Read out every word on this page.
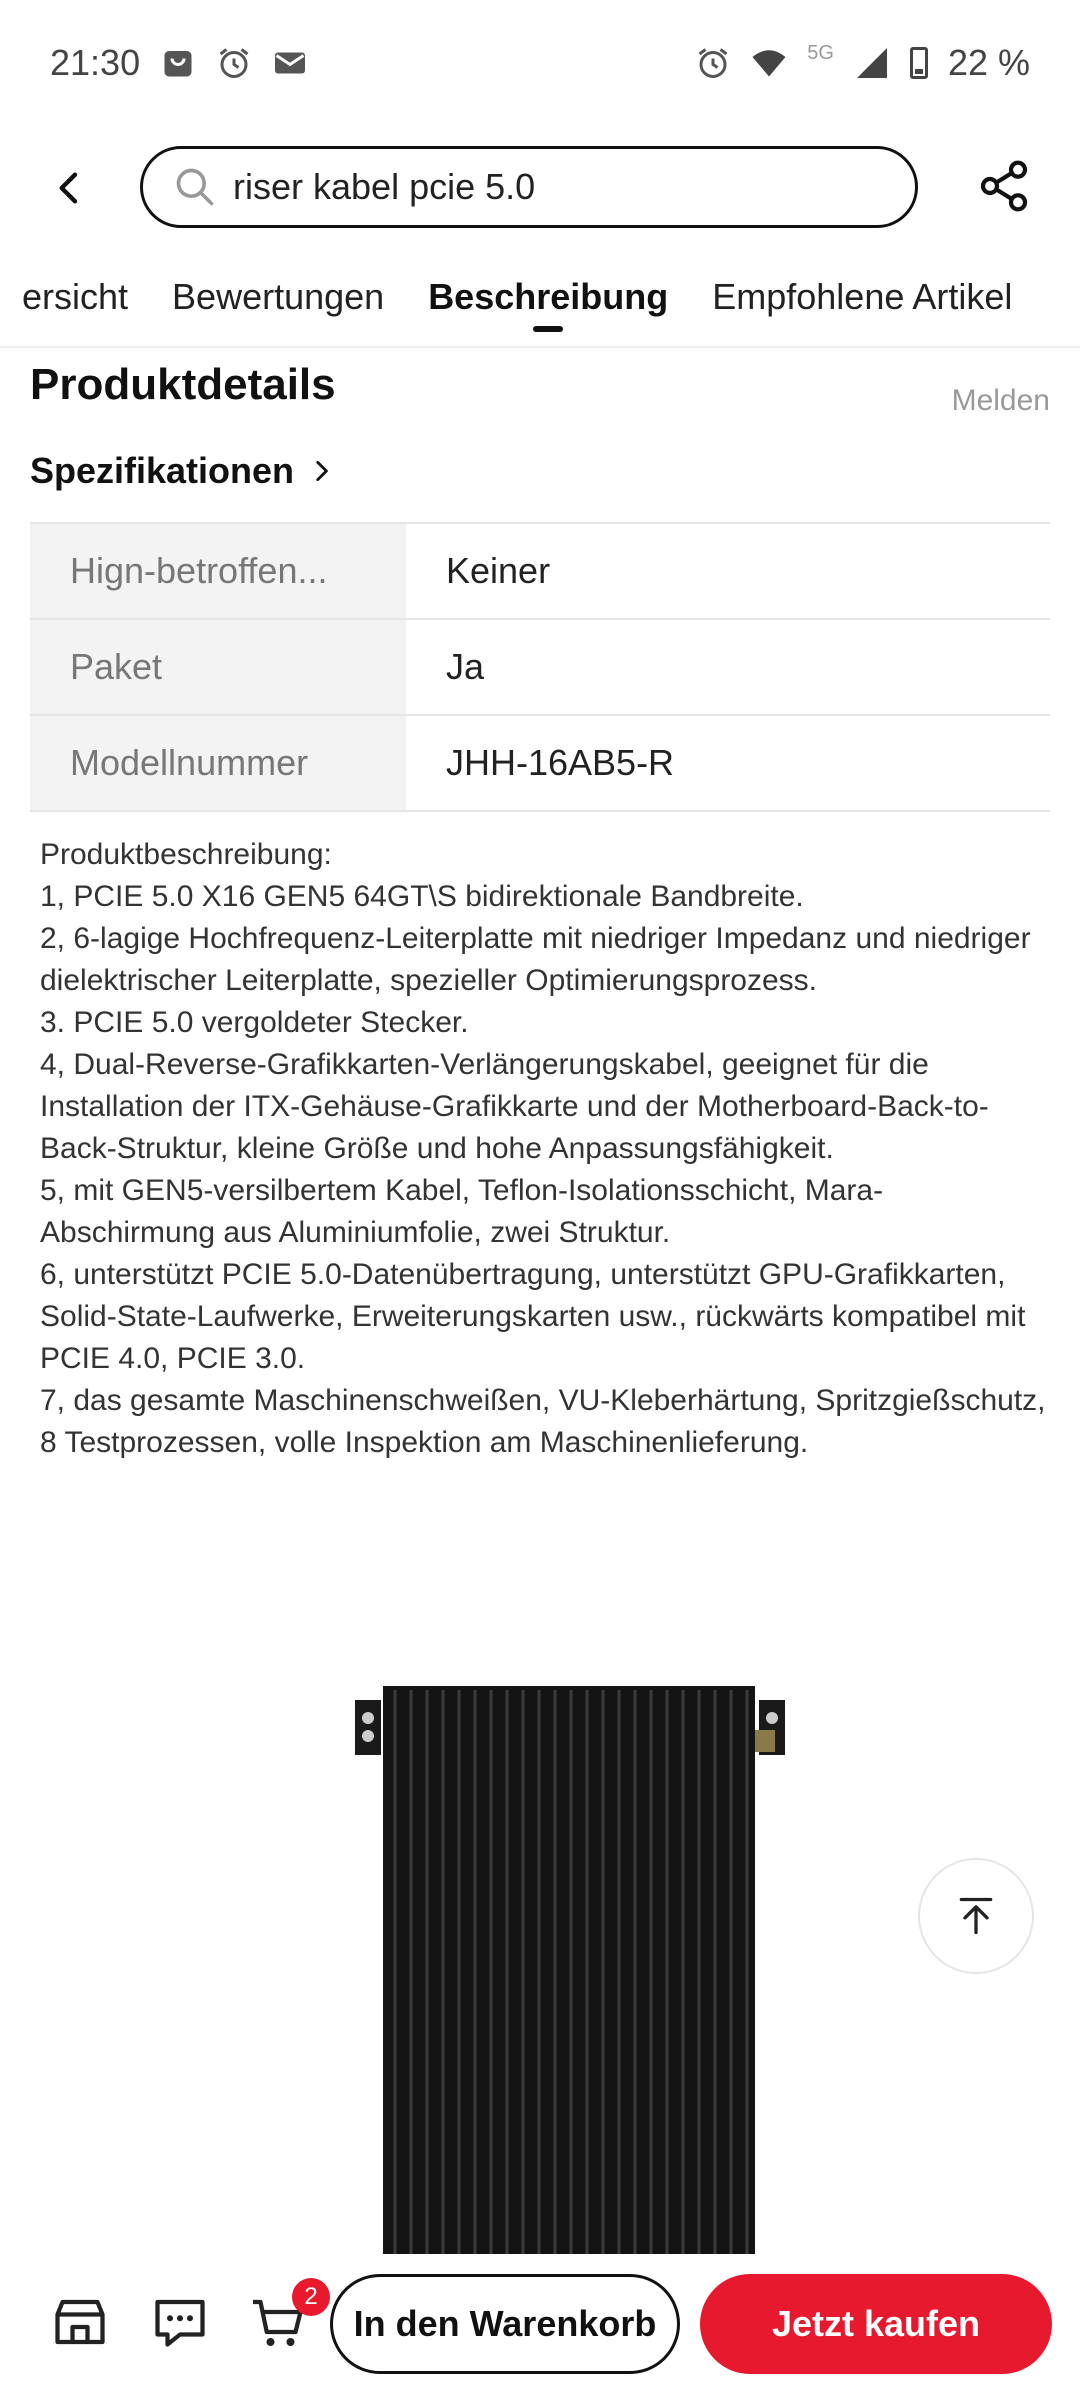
21:30	5G	22 %
riser kabel pcie 5.0
ersicht Bewertungen Beschreibung Empfohlene Artikel
Produktdetails	Melden
Spezifikationen
Hign-betroffen...	Keiner
Paket	Ja
Modellnummer	JHH-16AB5-R

Produktbeschreibung:

1, PCIE 5.0 X16 GEN5 64GT\S bidirektionale Bandbreite.

2, 6-lagige Hochfrequenz-Leiterplatte mit niedriger Impedanz und niedriger dielektrischer Leiterplatte, spezieller Optimierungsprozess.

3. PCIE 5.0 vergoldeter Stecker.

4, Dual-Reverse-Grafikkarten-Verlängerungskabel, geeignet für die Installation der ITX-Gehäuse-Grafikkarte und der Motherboard-Back-to-Back-Struktur, kleine Größe und hohe Anpassungsfähigkeit.

5, mit GEN5-versilbertem Kabel, Teflon-Isolationsschicht, Mara-Abschirmung aus Aluminiumfolie, zwei Struktur.

6, unterstützt PCIE 5.0-Datenübertragung, unterstützt GPU-Grafikkarten, Solid-State-Laufwerke, Erweiterungskarten usw., rückwärts kompatibel mit PCIE 4.0, PCIE 3.0.

7, das gesamte Maschinenschweißen, VU-Kleberhärtung, Spritzgießschutz, 8 Testprozessen, volle Inspektion am Maschinenlieferung.

2
In den Warenkorb	Jetzt kaufen
